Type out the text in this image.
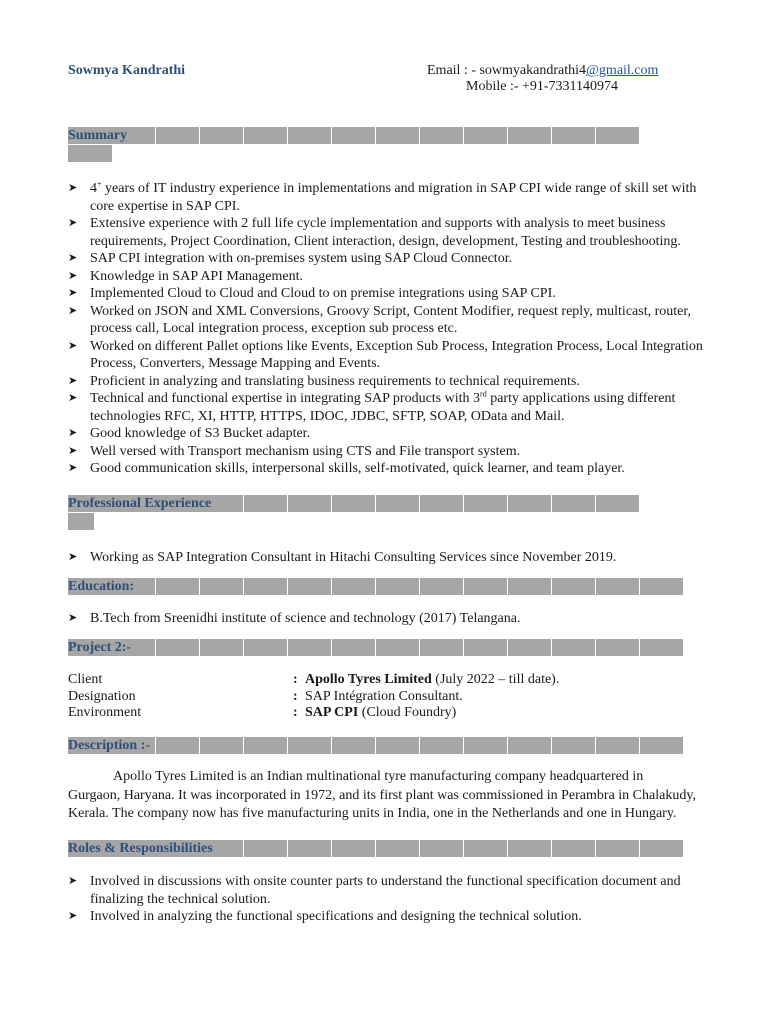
Sowmya Kandrathi	Email : - sowmyakandrathi4@gmail.com
Mobile :- +91-7331140974
Summary
➤ 4+ years of IT industry experience in implementations and migration in SAP CPI wide range of skill set with core expertise in SAP CPI.
➤ Extensive experience with 2 full life cycle implementation and supports with analysis to meet business requirements, Project Coordination, Client interaction, design, development, Testing and troubleshooting.
➤ SAP CPI integration with on-premises system using SAP Cloud Connector.
➤ Knowledge in SAP API Management.
➤ Implemented Cloud to Cloud and Cloud to on premise integrations using SAP CPI.
➤ Worked on JSON and XML Conversions, Groovy Script, Content Modifier, request reply, multicast, router, process call, Local integration process, exception sub process etc.
➤ Worked on different Pallet options like Events, Exception Sub Process, Integration Process, Local Integration Process, Converters, Message Mapping and Events.
➤ Proficient in analyzing and translating business requirements to technical requirements.
➤ Technical and functional expertise in integrating SAP products with 3rd party applications using different technologies RFC, XI, HTTP, HTTPS, IDOC, JDBC, SFTP, SOAP, OData and Mail.
➤ Good knowledge of S3 Bucket adapter.
➤ Well versed with Transport mechanism using CTS and File transport system.
➤ Good communication skills, interpersonal skills, self-motivated, quick learner, and team player.
Professional Experience
➤ Working as SAP Integration Consultant in Hitachi Consulting Services since November 2019.
Education:
➤ B.Tech from Sreenidhi institute of science and technology (2017) Telangana.
Project 2:-
Client	: Apollo Tyres Limited (July 2022 – till date).
Designation	: SAP Intégration Consultant.
Environment	: SAP CPI (Cloud Foundry)
Description :-
Apollo Tyres Limited is an Indian multinational tyre manufacturing company headquartered in Gurgaon, Haryana. It was incorporated in 1972, and its first plant was commissioned in Perambra in Chalakudy, Kerala. The company now has five manufacturing units in India, one in the Netherlands and one in Hungary.
Roles & Responsibilities
➤ Involved in discussions with onsite counter parts to understand the functional specification document and finalizing the technical solution.
➤ Involved in analyzing the functional specifications and designing the technical solution.
